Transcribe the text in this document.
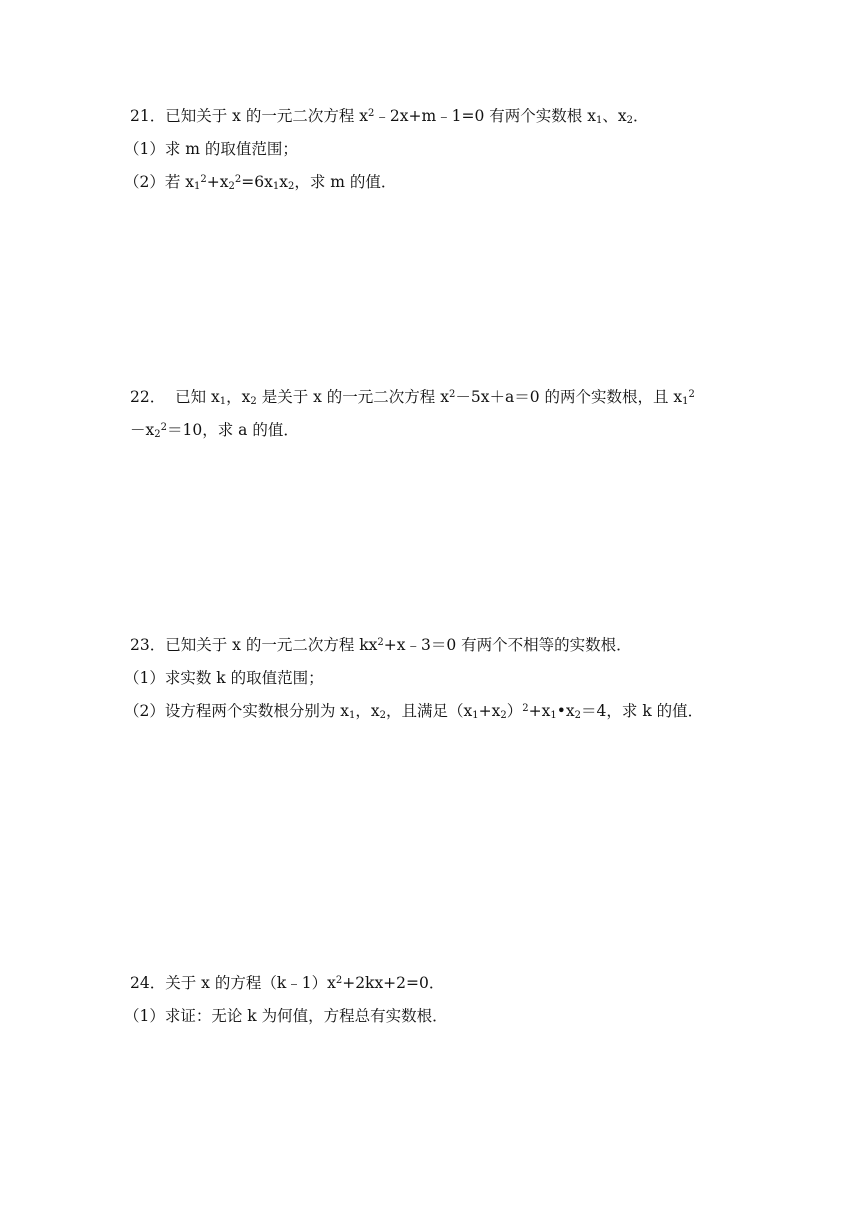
21．已知关于 x 的一元二次方程 $x^2﹣2x+m﹣1=0$ 有两个实数根 $x_1$、$x_2$．
（1）求 m 的取值范围；
（2）若 $x_1^2+x_2^2=6x_1x_2$，求 m 的值．
22． 已知 $x_1$，$x_2$ 是关于 x 的一元二次方程 $x^2-5x+a=0$ 的两个实数根，且 $x_1^2$
$-x_2^2=10$，求 a 的值．
23．已知关于 x 的一元二次方程 $kx^2+x﹣3=0$ 有两个不相等的实数根．
（1）求实数 k 的取值范围；
（2）设方程两个实数根分别为 $x_1$，$x_2$，且满足$(x_1+x_2)^2+x_1•x_2=4$，求 k 的值．
24．关于 x 的方程$(k﹣1)x^2+2kx+2=0$．
（1）求证：无论 k 为何值，方程总有实数根．
